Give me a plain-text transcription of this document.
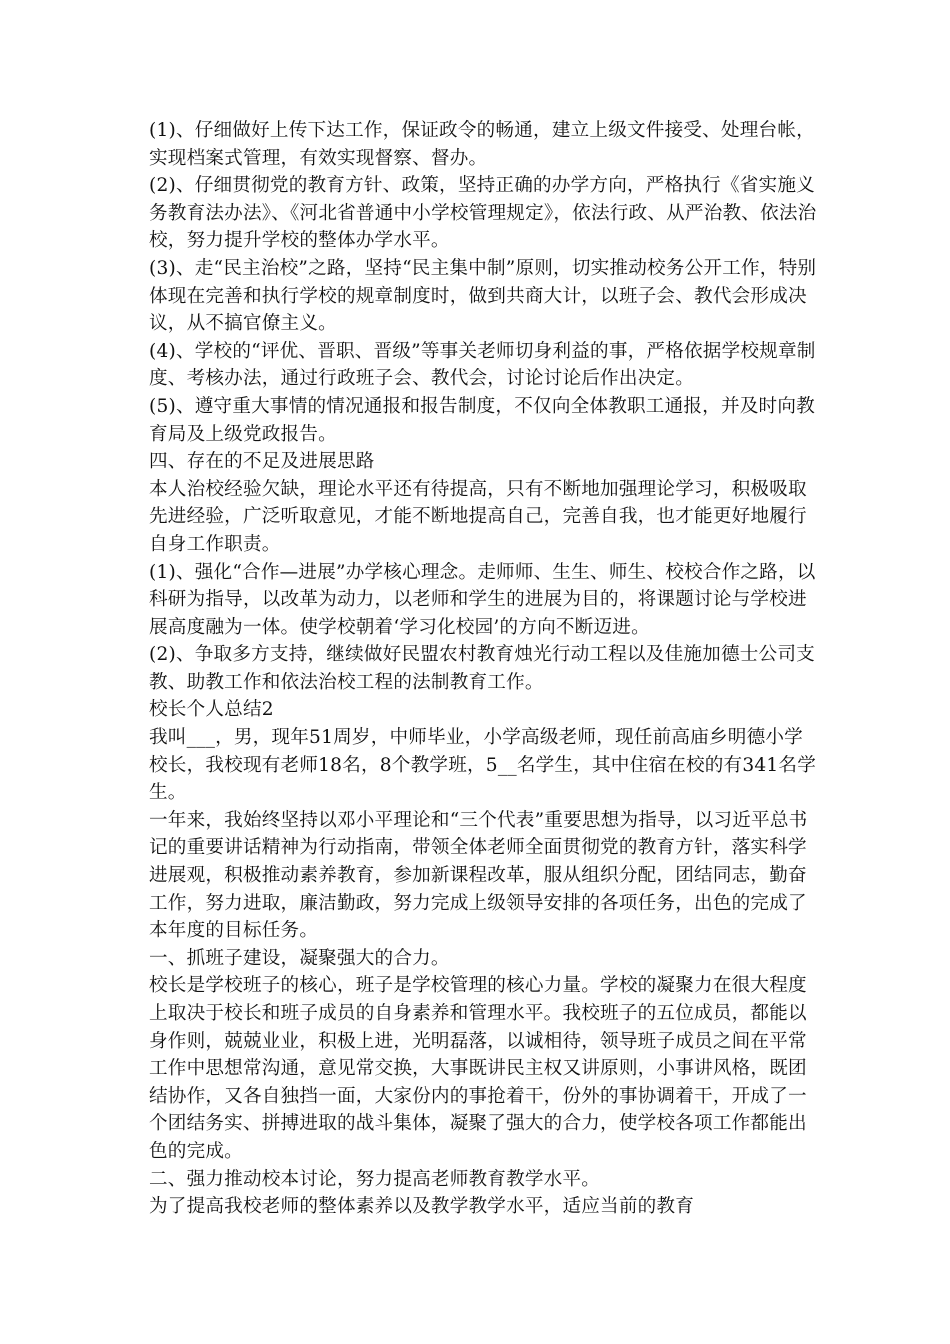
(1)、仔细做好上传下达工作，保证政令的畅通，建立上级文件接受、处理台帐，实现档案式管理，有效实现督察、督办。

(2)、仔细贯彻党的教育方针、政策，坚持正确的办学方向，严格执行《省实施义务教育法办法》、《河北省普通中小学校管理规定》，依法行政、从严治教、依法治校，努力提升学校的整体办学水平。

(3)、走“民主治校”之路，坚持“民主集中制”原则，切实推动校务公开工作，特别体现在完善和执行学校的规章制度时，做到共商大计，以班子会、教代会形成决议，从不搞官僚主义。

(4)、学校的“评优、晋职、晋级”等事关老师切身利益的事，严格依据学校规章制度、考核办法，通过行政班子会、教代会，讨论讨论后作出决定。

(5)、遵守重大事情的情况通报和报告制度，不仅向全体教职工通报，并及时向教育局及上级党政报告。

四、存在的不足及进展思路

本人治校经验欠缺，理论水平还有待提高，只有不断地加强理论学习，积极吸取先进经验，广泛听取意见，才能不断地提高自己，完善自我，也才能更好地履行自身工作职责。

(1)、强化“合作—进展”办学核心理念。走师师、生生、师生、校校合作之路，以科研为指导，以改革为动力，以老师和学生的进展为目的，将课题讨论与学校进展高度融为一体。使学校朝着‘学习化校园’的方向不断迈进。

(2)、争取多方支持，继续做好民盟农村教育烛光行动工程以及佳施加德士公司支教、助教工作和依法治校工程的法制教育工作。

校长个人总结2

我叫___，男，现年51周岁，中师毕业，小学高级老师，现任前高庙乡明德小学校长，我校现有老师18名，8个教学班，5__名学生，其中住宿在校的有341名学生。

一年来，我始终坚持以邓小平理论和“三个代表”重要思想为指导，以习近平总书记的重要讲话精神为行动指南，带领全体老师全面贯彻党的教育方针，落实科学进展观，积极推动素养教育，参加新课程改革，服从组织分配，团结同志，勤奋工作，努力进取，廉洁勤政，努力完成上级领导安排的各项任务，出色的完成了本年度的目标任务。

一、抓班子建设，凝聚强大的合力。

校长是学校班子的核心，班子是学校管理的核心力量。学校的凝聚力在很大程度上取决于校长和班子成员的自身素养和管理水平。我校班子的五位成员，都能以身作则，兢兢业业，积极上进，光明磊落，以诚相待，领导班子成员之间在平常工作中思想常沟通，意见常交换，大事既讲民主权又讲原则，小事讲风格，既团结协作，又各自独挡一面，大家份内的事抢着干，份外的事协调着干，开成了一个团结务实、拼搏进取的战斗集体，凝聚了强大的合力，使学校各项工作都能出色的完成。

二、强力推动校本讨论，努力提高老师教育教学水平。

为了提高我校老师的整体素养以及教学教学水平，适应当前的教育
